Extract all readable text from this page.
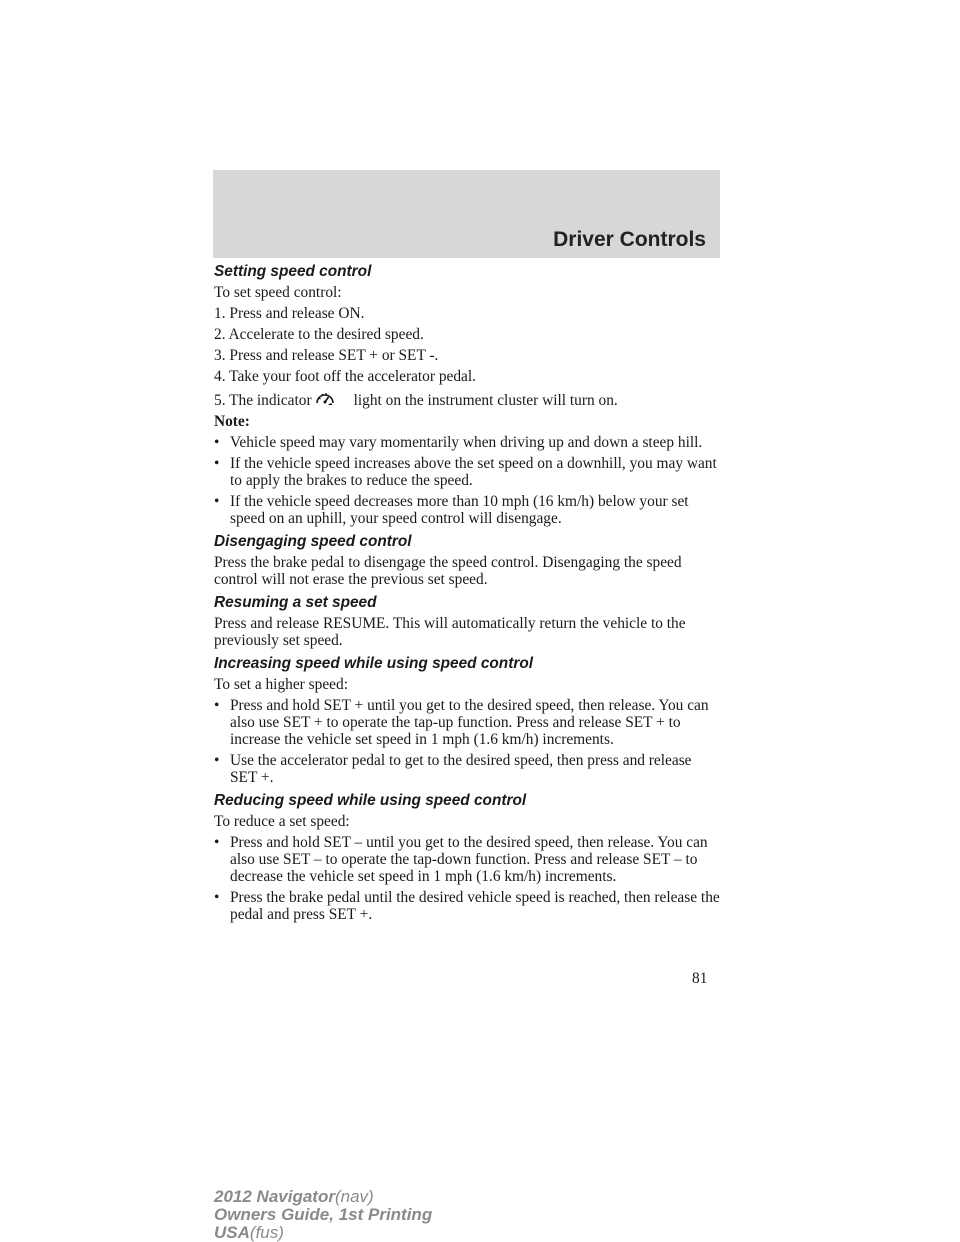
Driver Controls
Setting speed control

To set speed control:

1. Press and release ON.

2. Accelerate to the desired speed.

3. Press and release SET + or SET -.

4. Take your foot off the accelerator pedal.

5. The indicator	light on the instrument cluster will turn on.

Note:

• Vehicle speed may vary momentarily when driving up and down a steep hill.
• If the vehicle speed increases above the set speed on a downhill, you may want to apply the brakes to reduce the speed.
• If the vehicle speed decreases more than 10 mph (16 km/h) below your set speed on an uphill, your speed control will disengage.
Disengaging speed control

Press the brake pedal to disengage the speed control. Disengaging the speed control will not erase the previous set speed.

Resuming a set speed

Press and release RESUME. This will automatically return the vehicle to the previously set speed.

Increasing speed while using speed control

To set a higher speed:

• Press and hold SET + until you get to the desired speed, then release. You can also use SET + to operate the tap-up function. Press and release SET + to increase the vehicle set speed in 1 mph (1.6 km/h) increments.
• Use the accelerator pedal to get to the desired speed, then press and release SET +.
Reducing speed while using speed control

To reduce a set speed:

• Press and hold SET – until you get to the desired speed, then release. You can also use SET – to operate the tap-down function. Press and release SET – to decrease the vehicle set speed in 1 mph (1.6 km/h) increments.
• Press the brake pedal until the desired vehicle speed is reached, then release the pedal and press SET +.
81
2012 Navigator(nav)
Owners Guide, 1st Printing
USA(fus)
